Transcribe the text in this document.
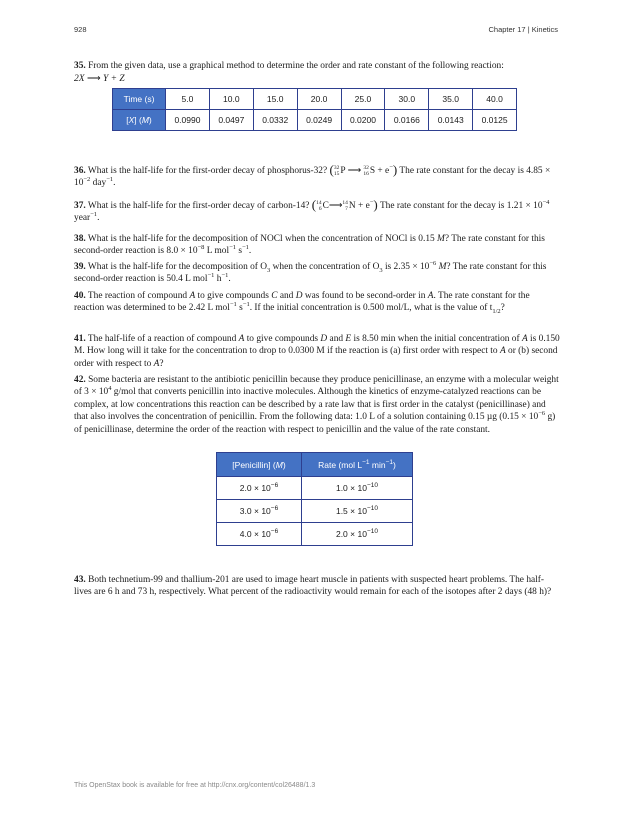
928	Chapter 17 | Kinetics
35. From the given data, use a graphical method to determine the order and rate constant of the following reaction:
2X ⟶ Y + Z
Time (s)	5.0	10.0	15.0	20.0	25.0	30.0	35.0	40.0
[X] (M)	0.0990	0.0497	0.0332	0.0249	0.0200	0.0166	0.0143	0.0125
36. What is the half-life for the first-order decay of phosphorus-32? ( 32
15 P ⟶ 32
16 S + e−) The rate constant for the decay is $4.85 \times 10^{-2}$ day$^{-1}$.
37. What is the half-life for the first-order decay of carbon-14? ( 14
6 C⟶ 14
7 N + e−) The rate constant for the decay is $1.21 \times 10^{-4}$ year$^{-1}$.
38. What is the half-life for the decomposition of NOCl when the concentration of NOCl is 0.15 M? The rate constant for this second-order reaction is $8.0 \times 10^{-8}$ L mol$^{-1}$ $s^{-1}$.
39. What is the half-life for the decomposition of $O_3$ when the concentration of $O_3$ is $2.35 \times 10^{-6}$ M? The rate constant for this second-order reaction is 50.4 L mol$^{-1}$ $h^{-1}$.
40. The reaction of compound A to give compounds C and D was found to be second-order in A. The rate constant for the reaction was determined to be 2.42 L mol$^{-1}$ $s^{-1}$. If the initial concentration is 0.500 mol/L, what is the value of $t_{1/2}$?
41. The half-life of a reaction of compound A to give compounds D and E is 8.50 min when the initial concentration of A is 0.150 M. How long will it take for the concentration to drop to 0.0300 M if the reaction is (a) first order with respect to A or (b) second order with respect to A?
42. Some bacteria are resistant to the antibiotic penicillin because they produce penicillinase, an enzyme with a molecular weight of $3 \times 10^4$ g/mol that converts penicillin into inactive molecules. Although the kinetics of enzyme-catalyzed reactions can be complex, at low concentrations this reaction can be described by a rate law that is first order in the catalyst (penicillinase) and that also involves the concentration of penicillin. From the following data: 1.0 L of a solution containing 0.15 µg ($0.15 \times 10^{-6}$ g) of penicillinase, determine the order of the reaction with respect to penicillin and the value of the rate constant.
[Penicillin] (M)	Rate (mol $L^{-1}$ $\min^{-1}$)
$2.0 \times 10^{-6}$	$1.0 \times 10^{-10}$
$3.0 \times 10^{-6}$	$1.5 \times 10^{-10}$
$4.0 \times 10^{-6}$	$2.0 \times 10^{-10}$
43. Both technetium-99 and thallium-201 are used to image heart muscle in patients with suspected heart problems. The half-lives are 6 h and 73 h, respectively. What percent of the radioactivity would remain for each of the isotopes after 2 days (48 h)?
This OpenStax book is available for free at http://cnx.org/content/col26488/1.3
